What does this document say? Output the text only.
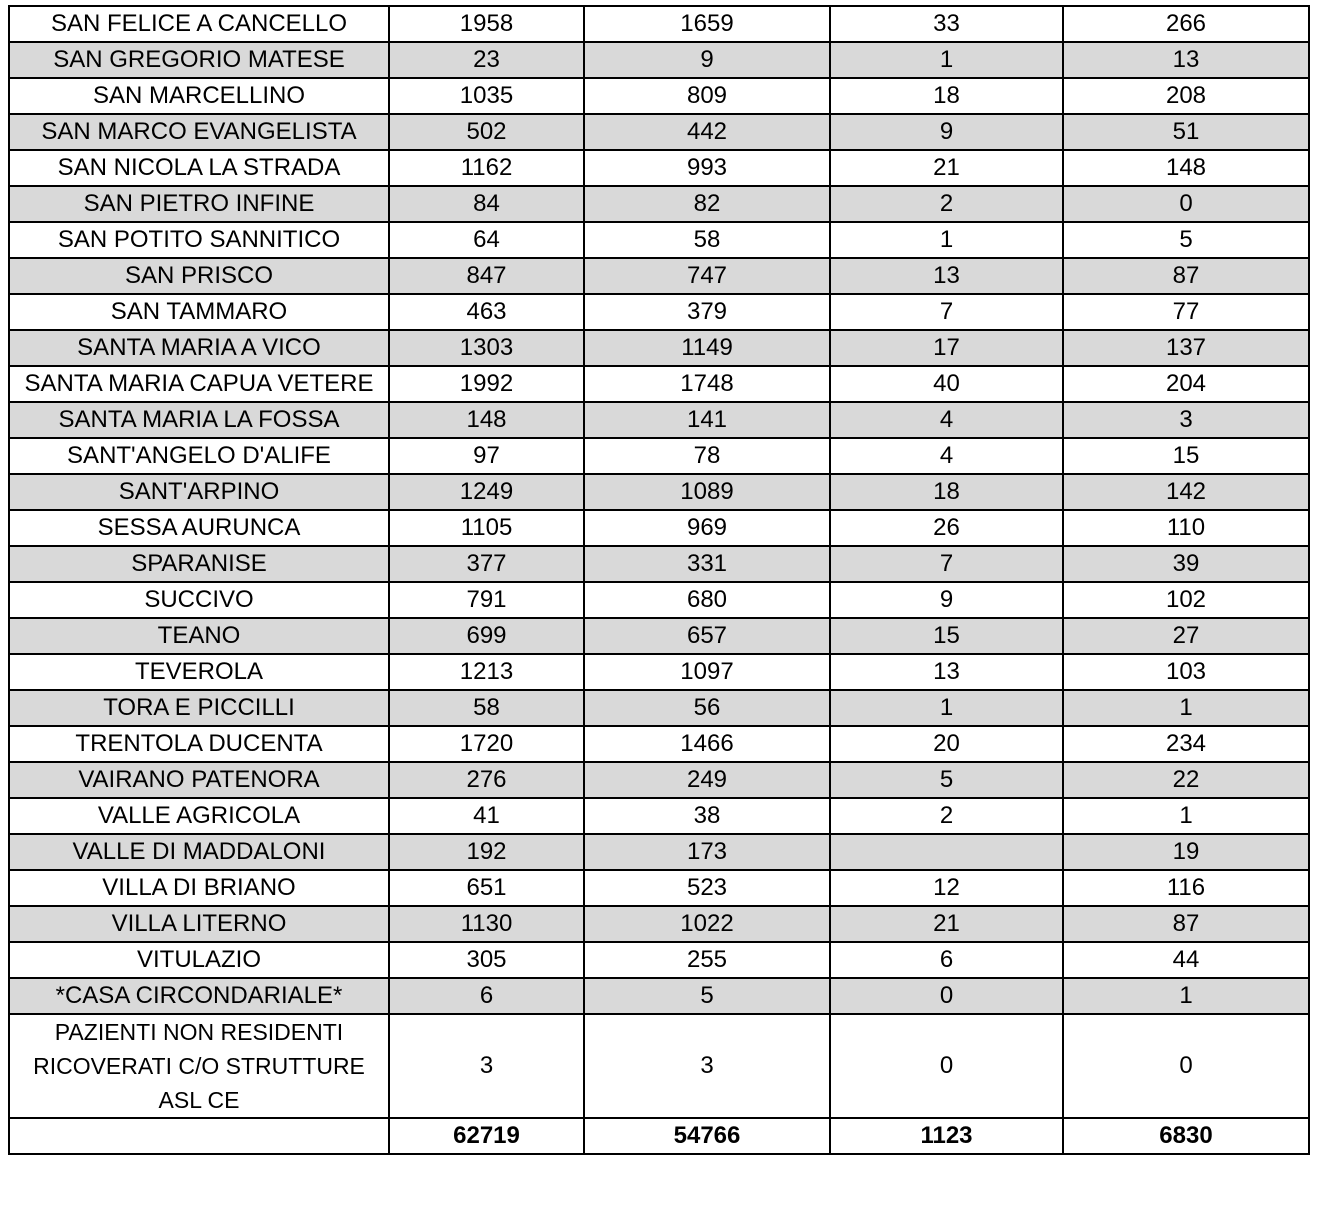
SAN FELICE A CANCELLO	1958	1659	33	266
SAN GREGORIO MATESE	23	9	1	13
SAN MARCELLINO	1035	809	18	208
SAN MARCO EVANGELISTA	502	442	9	51
SAN NICOLA LA STRADA	1162	993	21	148
SAN PIETRO INFINE	84	82	2	0
SAN POTITO SANNITICO	64	58	1	5
SAN PRISCO	847	747	13	87
SAN TAMMARO	463	379	7	77
SANTA MARIA A VICO	1303	1149	17	137
SANTA MARIA CAPUA VETERE	1992	1748	40	204
SANTA MARIA LA FOSSA	148	141	4	3
SANT'ANGELO D'ALIFE	97	78	4	15
SANT'ARPINO	1249	1089	18	142
SESSA AURUNCA	1105	969	26	110
SPARANISE	377	331	7	39
SUCCIVO	791	680	9	102
TEANO	699	657	15	27
TEVEROLA	1213	1097	13	103
TORA E PICCILLI	58	56	1	1
TRENTOLA DUCENTA	1720	1466	20	234
VAIRANO PATENORA	276	249	5	22
VALLE AGRICOLA	41	38	2	1
VALLE DI MADDALONI	192	173		19
VILLA DI BRIANO	651	523	12	116
VILLA LITERNO	1130	1022	21	87
VITULAZIO	305	255	6	44
*CASA CIRCONDARIALE*	6	5	0	1
PAZIENTI NON RESIDENTI RICOVERATI C/O STRUTTURE ASL CE	3	3	0	0
	62719	54766	1123	6830
